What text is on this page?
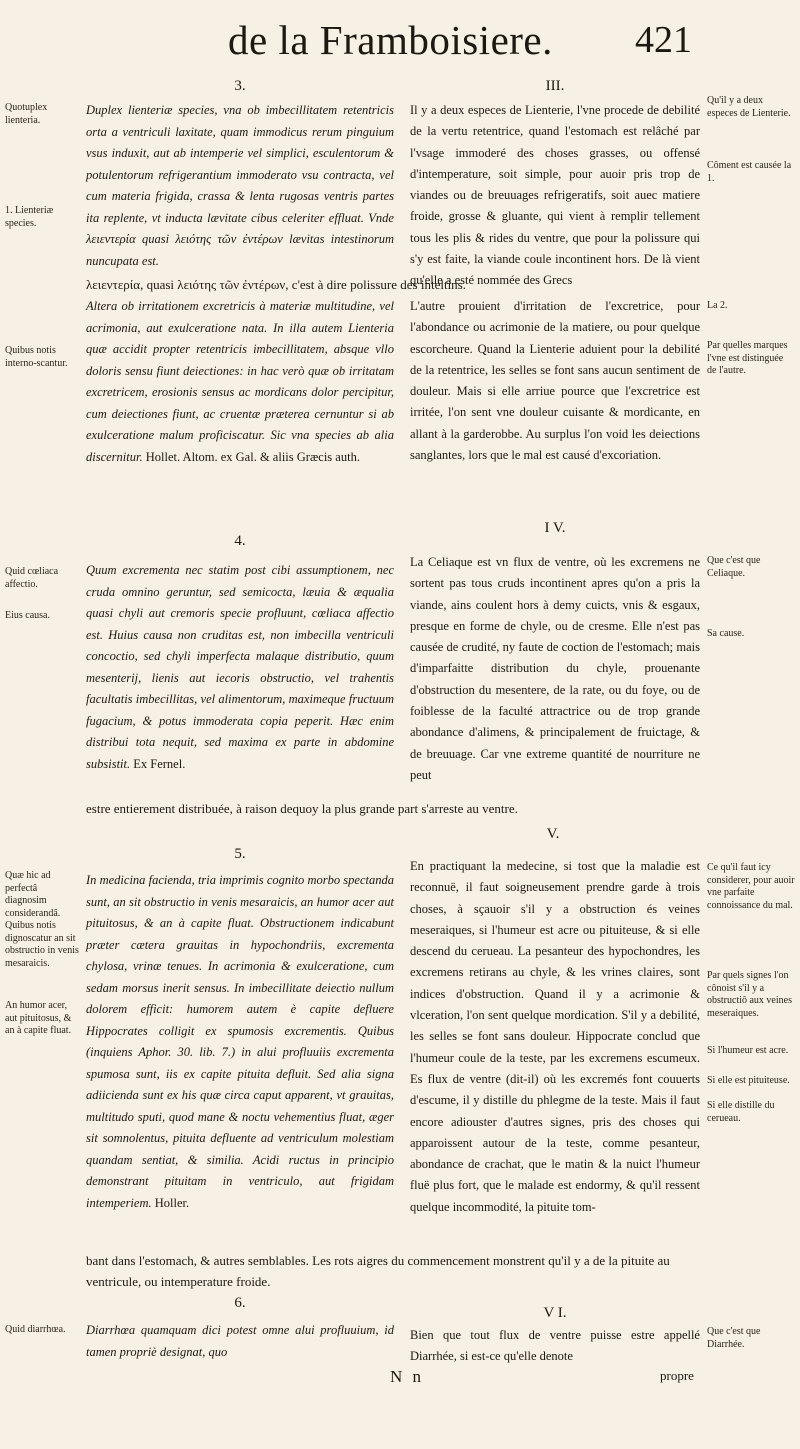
de la Framboisiere. 421
3.	III.
Quotuplex lienteria.
1. Lienteriæ species.
Qu'il y a deux especes de Lienterie.
Côment est causée la 1.
Duplex lienteriæ species, vna ob imbecillitatem retentricis orta a ventriculi laxitate, quam immodicus rerum pinguium vsus induxit, aut ab intemperie vel simplici, esculentorum & potulentorum refrigerantium immoderato vsu contracta, vel cum materia frigida, crassa & lenta rugosas ventris partes ita replente, vt inducta lævitate cibus celeriter effluat. Vnde λειεντερία quasi λειότης τῶν ἐντέρων lævitas intestinorum nuncupata est.
Il y a deux especes de Lienterie, l'vne procede de debilité de la vertu retentrice, quand l'estomach est relâché par l'vsage immoderé des choses grasses, ou offensé d'intemperature, soit simple, pour auoir pris trop de viandes ou de breuuages refrigeratifs, soit auec matiere froide, grosse & gluante, qui vient à remplir tellement tous les plis & rides du ventre, que pour la polissure qui s'y est faite, la viande coule incontinent hors. De là vient qu'elle a esté nommée des Grecs
λειεντερία, quasi λειότης τῶν ἐντέρων, c'est à dire polissure des inteltins.
Quibus notis interno-scantur.
La 2.
Par quelles marques l'vne est distinguée de l'autre.
Altera ob irritationem excretricis à materiæ multitudine, vel acrimonia, aut exulceratione nata. In illa autem Lienteria quæ accidit propter retentricis imbecillitatem, absque vllo doloris sensu fiunt deiectiones: in hac verò quæ ob irritatam excretricem, erosionis sensus ac mordicans dolor percipitur, cum deiectiones fiunt, ac cruentæ præterea cernuntur si ab exulceratione malum proficiscatur. Sic vna species ab alia discernitur. Hollet. Altom. ex Gal. & aliis Græcis auth.
L'autre prouient d'irritation de l'excretrice, pour l'abondance ou acrimonie de la matiere, ou pour quelque escorcheure. Quand la Lienterie aduient pour la debilité de la retentrice, les selles se font sans aucun sentiment de douleur. Mais si elle arriue pource que l'excretrice est irritée, l'on sent vne douleur cuisante & mordicante, en allant à la garderobbe. Au surplus l'on void les deiections sanglantes, lors que le mal est causé d'excoriation.
4.
I V.
Quid cœliaca affectio.
Eius causa.
Que c'est que Celiaque.
Sa cause.
Quum excrementa nec statim post cibi assumptionem, nec cruda omnino geruntur, sed semicocta, læuia & æqualia quasi chyli aut cremoris specie profluunt, cœliaca affectio est. Huius causa non cruditas est, non imbecilla ventriculi concoctio, sed chyli imperfecta malaque distributio, quum mesenterij, lienis aut iecoris obstructio, vel trahentis facultatis imbecillitas, vel alimentorum, maximeque fructuum fugacium, & potus immoderata copia peperit. Hæc enim distribui tota nequit, sed maxima ex parte in abdomine subsistit. Ex Fernel.
La Celiaque est vn flux de ventre, où les excremens ne sortent pas tous cruds incontinent apres qu'on a pris la viande, ains coulent hors à demy cuicts, vnis & esgaux, presque en forme de chyle, ou de cresme. Elle n'est pas causée de crudité, ny faute de coction de l'estomach; mais d'imparfaitte distribution du chyle, prouenante d'obstruction du mesentere, de la rate, ou du foye, ou de foiblesse de la faculté attractrice ou de trop grande abondance d'alimens, & principalement de fruictage, & de breuuage. Car vne extreme quantité de nourriture ne peut
estre entierement distribuée, à raison dequoy la plus grande part s'arreste au ventre.
5.
V.
Quæ hic ad perfectâ diagnosim considerandâ.
Quibus notis dignoscatur an sit obstructio in venis mesaraicis.
An humor acer, aut pituitosus, & an à capite fluat.
Ce qu'il faut icy considerer, pour auoir vne parfaite connoissance du mal.
Par quels signes l'on cônoist s'il y a obstructiô aux veines meseraiques.
Si l'humeur est acre.
Si elle est pituiteuse.
Si elle distille du cerueau.
In medicina facienda, tria imprimis cognito morbo spectanda sunt, an sit obstructio in venis mesaraicis, an humor acer aut pituitosus, & an à capite fluat. Obstructionem indicabunt præter cætera grauitas in hypochondriis, excrementa chylosa, vrinæ tenues. In acrimonia & exulceratione, cum sedam morsus inerit sensus. In imbecillitate deiectio nullum dolorem efficit: humorem autem è capite defluere Hippocrates colligit ex spumosis excrementis. Quibus (inquiens Aphor. 30. lib. 7.) in alui profluuiis excrementa spumosa sunt, iis ex capite pituita defluit. Sed alia signa adiicienda sunt ex his quæ circa caput apparent, vt grauitas, multitudo sputi, quod mane & noctu vehementius fluat, æger sit somnolentus, pituita defluente ad ventriculum molestiam quandam sentiat, & similia. Acidi ructus in principio demonstrant pituitam in ventriculo, aut frigidam intemperiem. Holler.
En practiquant la medecine, si tost que la maladie est reconnuë, il faut soigneusement prendre garde à trois choses, à sçauoir s'il y a obstruction és veines meseraiques, si l'humeur est acre ou pituiteuse, & si elle descend du cerueau. La pesanteur des hypochondres, les excremens retirans au chyle, & les vrines claires, sont indices d'obstruction. Quand il y a acrimonie & vlceration, l'on sent quelque mordication. S'il y a debilité, les selles se font sans douleur. Hippocrate conclud que l'humeur coule de la teste, par les excremens escumeux. Es flux de ventre (dit-il) où les excremés font couuerts d'escume, il y distille du phlegme de la teste. Mais il faut encore adiouster d'autres signes, pris des choses qui apparoissent autour de la teste, comme pesanteur, abondance de crachat, que le matin & la nuict l'humeur fluë plus fort, que le malade est endormy, & qu'il ressent quelque incommodité, la pituite tom-
bant dans l'estomach, & autres semblables. Les rots aigres du commencement monstrent qu'il y a de la pituite au ventricule, ou intemperature froide.
6.
V I.
Quid diarrhœa.	Que c'est que Diarrhée.
Diarrhœa quamquam dici potest omne alui profluuium, id tamen propriè designat, quo
Bien que tout flux de ventre puisse estre appellé Diarrhée, si est-ce qu'elle denote
N n	propre
